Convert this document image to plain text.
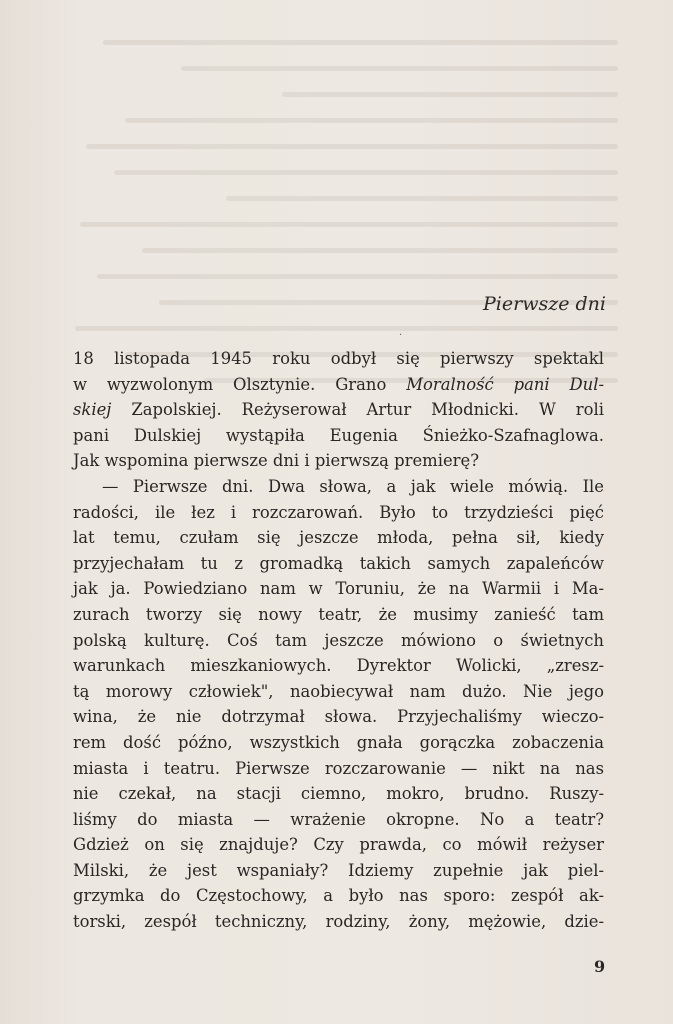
·

Pierwsze dni

18 listopada 1945 roku odbył się pierwszy spektakl
w wyzwolonym Olsztynie. Grano Moralność pani Dul-
skiej Zapolskiej. Reżyserował Artur Młodnicki. W roli
pani Dulskiej wystąpiła Eugenia Śnieżko-Szafnaglowa.
Jak wspomina pierwsze dni i pierwszą premierę?
— Pierwsze dni. Dwa słowa, a jak wiele mówią. Ile
radości, ile łez i rozczarowań. Było to trzydzieści pięć
lat temu, czułam się jeszcze młoda, pełna sił, kiedy
przyjechałam tu z gromadką takich samych zapaleńców
jak ja. Powiedziano nam w Toruniu, że na Warmii i Ma-
zurach tworzy się nowy teatr, że musimy zanieść tam
polską kulturę. Coś tam jeszcze mówiono o świetnych
warunkach mieszkaniowych. Dyrektor Wolicki, „zresz-
tą morowy człowiek", naobiecywał nam dużo. Nie jego
wina, że nie dotrzymał słowa. Przyjechaliśmy wieczo-
rem dość późno, wszystkich gnała gorączka zobaczenia
miasta i teatru. Pierwsze rozczarowanie — nikt na nas
nie czekał, na stacji ciemno, mokro, brudno. Ruszy-
liśmy do miasta — wrażenie okropne. No a teatr?
Gdzież on się znajduje? Czy prawda, co mówił reżyser
Milski, że jest wspaniały? Idziemy zupełnie jak piel-
grzymka do Częstochowy, a było nas sporo: zespół ak-
torski, zespół techniczny, rodziny, żony, mężowie, dzie-
9
